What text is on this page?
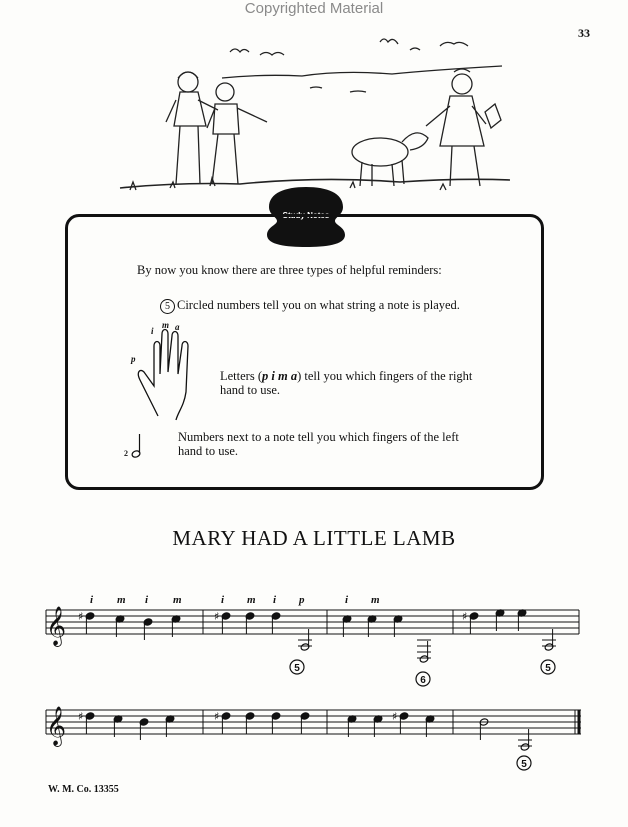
Copyrighted Material
33
Study Notes
By now you know there are three types of helpful reminders:
5 Circled numbers tell you on what string a note is played.
i
m a
p
Letters (p i m a) tell you which fingers of the right hand to use.
2
Numbers next to a note tell you which fingers of the left hand to use.
MARY HAD A LITTLE LAMB
𝄞
𝄞
♯	♯	♯
♯	♯	♯
i m i m	i m i p	i m
5
6
5
5
W. M. Co. 13355
